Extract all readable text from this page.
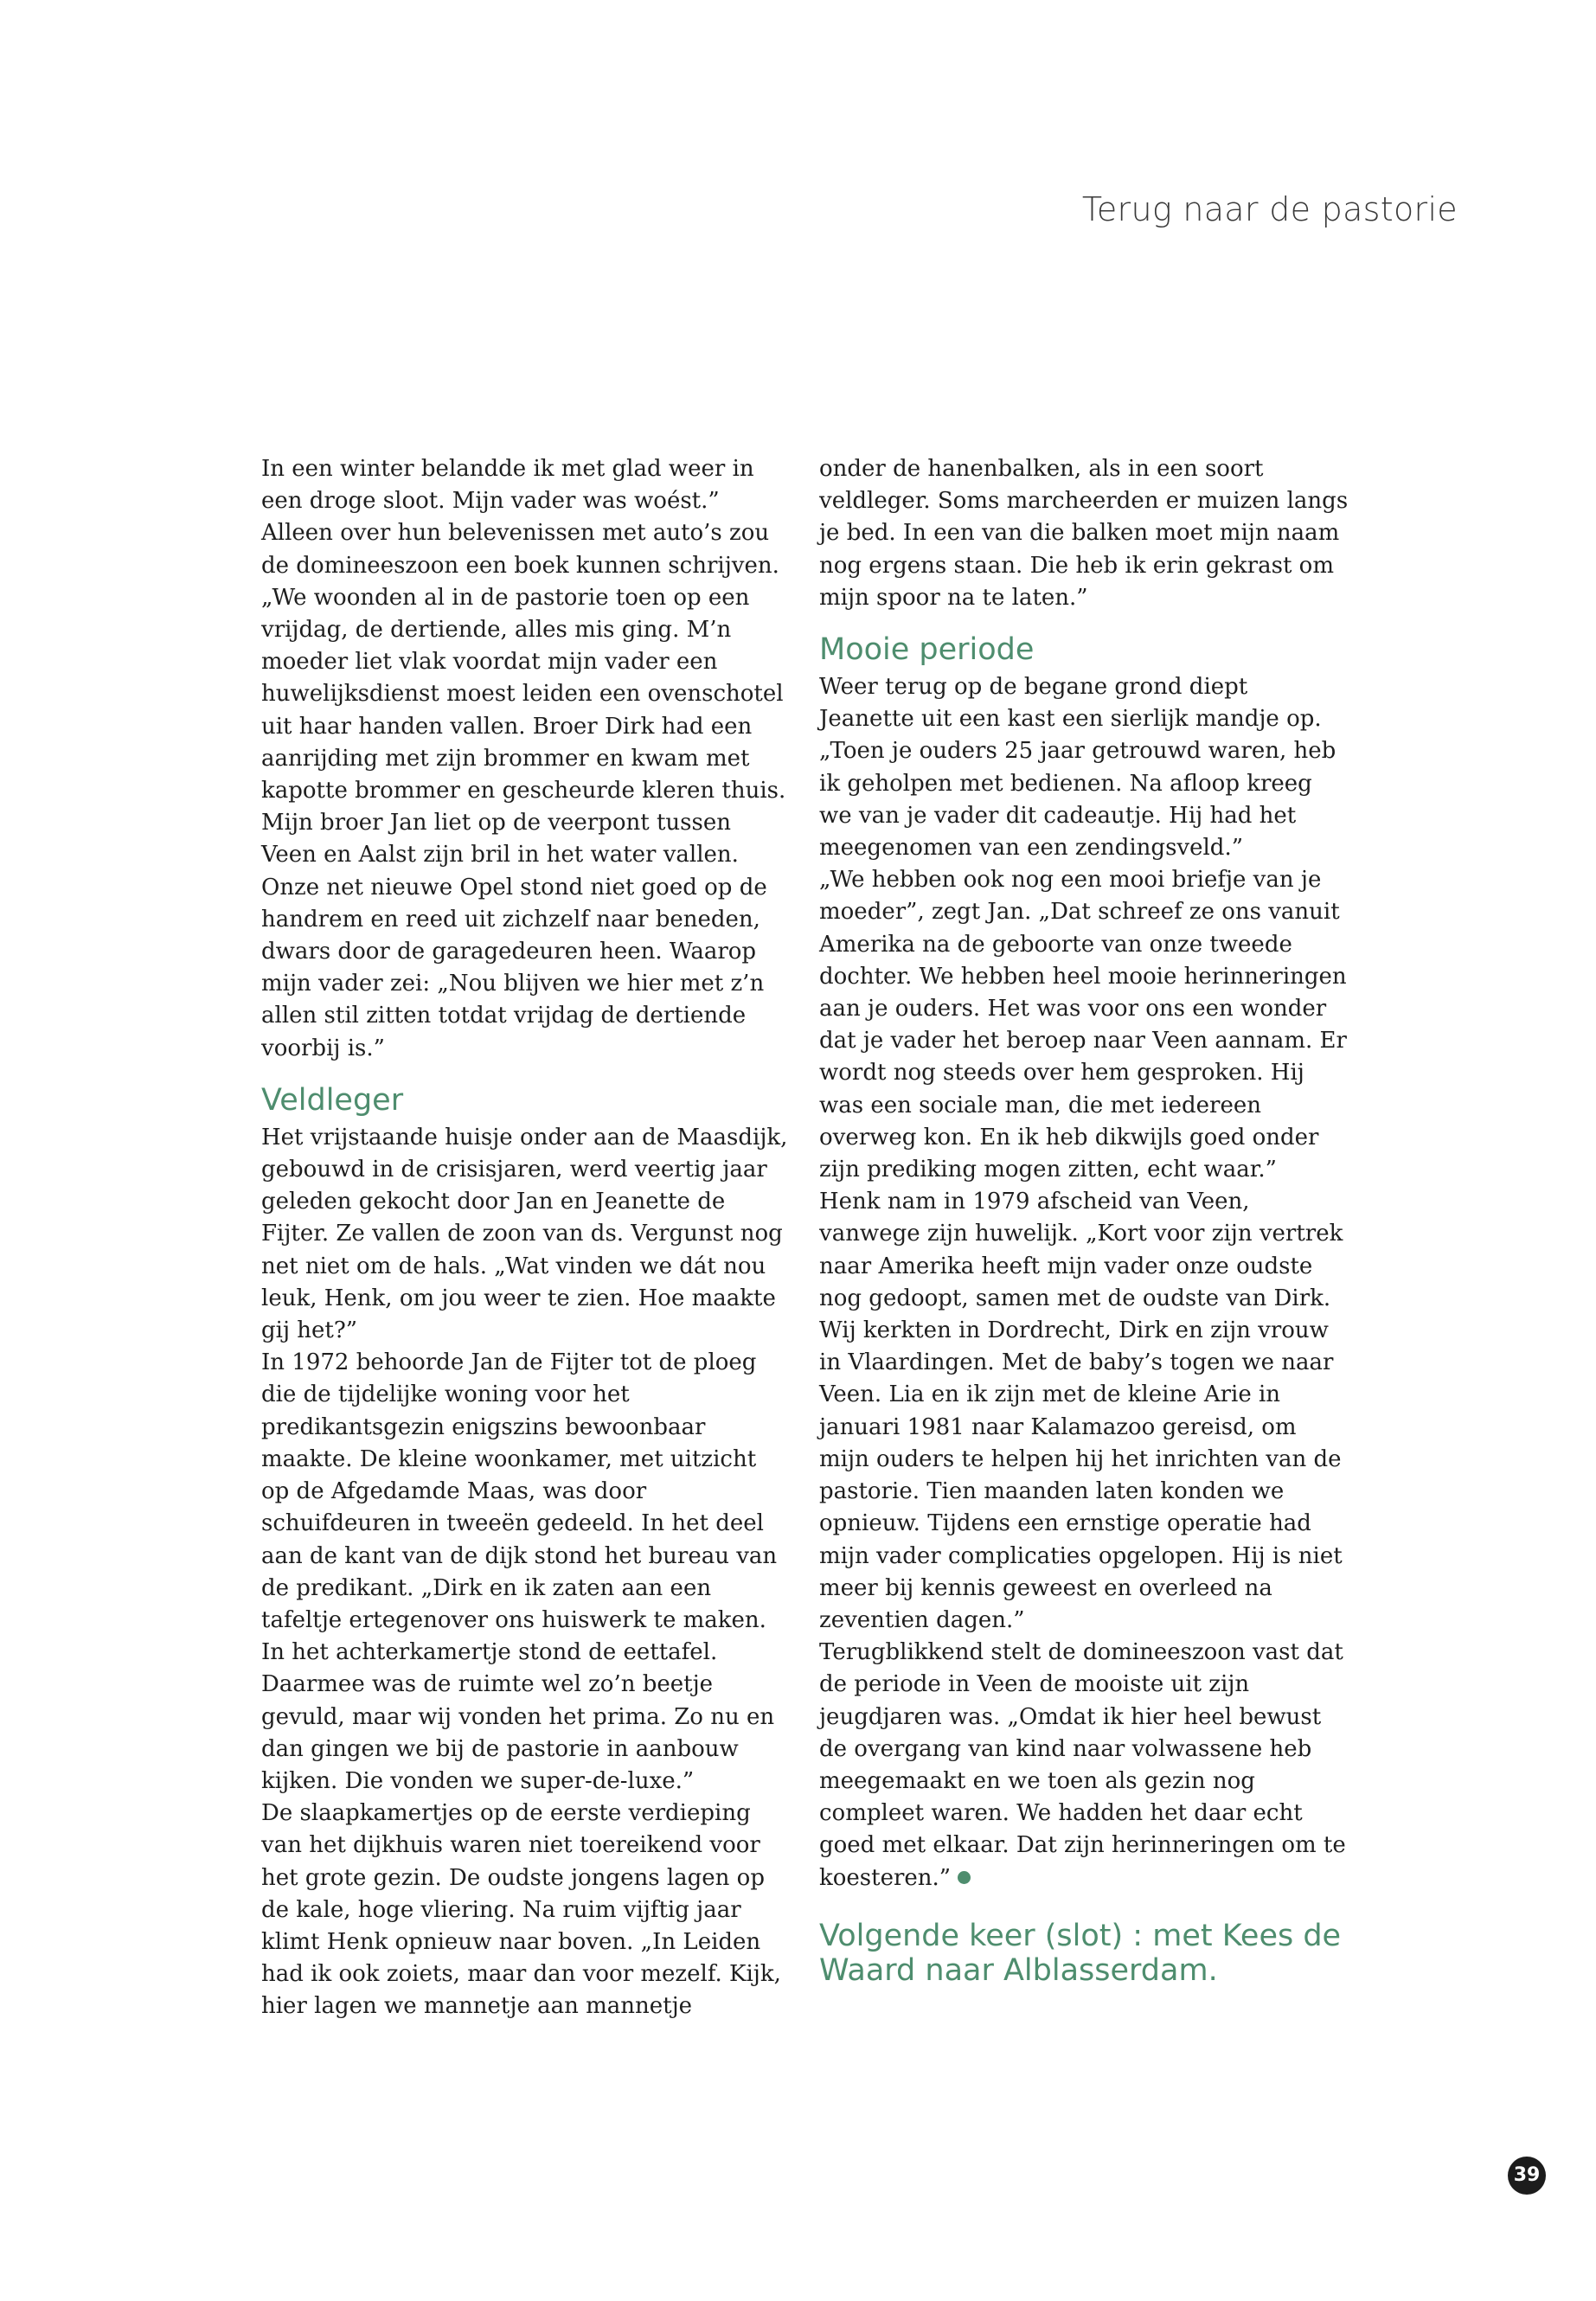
Terug naar de pastorie

In een winter belandde ik met glad weer in een droge sloot. Mijn vader was woést.” Alleen over hun belevenissen met auto’s zou de domineeszoon een boek kunnen schrijven. „We woonden al in de pastorie toen op een vrijdag, de dertiende, alles mis ging. M’n moeder liet vlak voordat mijn vader een huwelijksdienst moest leiden een ovenschotel uit haar handen vallen. Broer Dirk had een aanrijding met zijn brommer en kwam met kapotte brommer en gescheurde kleren thuis. Mijn broer Jan liet op de veerpont tussen Veen en Aalst zijn bril in het water vallen. Onze net nieuwe Opel stond niet goed op de handrem en reed uit zichzelf naar beneden, dwars door de garagedeuren heen. Waarop mijn vader zei: „Nou blijven we hier met z’n allen stil zitten totdat vrijdag de dertiende voorbij is.”

Veldleger

Het vrijstaande huisje onder aan de Maasdijk, gebouwd in de crisisjaren, werd veertig jaar geleden gekocht door Jan en Jeanette de Fijter. Ze vallen de zoon van ds. Vergunst nog net niet om de hals. „Wat vinden we dát nou leuk, Henk, om jou weer te zien. Hoe maakte gij het?”

In 1972 behoorde Jan de Fijter tot de ploeg die de tijdelijke woning voor het predikantsgezin enigszins bewoonbaar maakte. De kleine woonkamer, met uitzicht op de Afgedamde Maas, was door schuifdeuren in tweeën gedeeld. In het deel aan de kant van de dijk stond het bureau van de predikant. „Dirk en ik zaten aan een tafeltje ertegenover ons huiswerk te maken. In het achterkamertje stond de eettafel. Daarmee was de ruimte wel zo’n beetje gevuld, maar wij vonden het prima. Zo nu en dan gingen we bij de pastorie in aanbouw kijken. Die vonden we super-de-luxe.”

De slaapkamertjes op de eerste verdieping van het dijkhuis waren niet toereikend voor het grote gezin. De oudste jongens lagen op de kale, hoge vliering. Na ruim vijftig jaar klimt Henk opnieuw naar boven. „In Leiden had ik ook zoiets, maar dan voor mezelf. Kijk, hier lagen we mannetje aan mannetje

onder de hanenbalken, als in een soort veldleger. Soms marcheerden er muizen langs je bed. In een van die balken moet mijn naam nog ergens staan. Die heb ik erin gekrast om mijn spoor na te laten.”

Mooie periode

Weer terug op de begane grond diept Jeanette uit een kast een sierlijk mandje op. „Toen je ouders 25 jaar getrouwd waren, heb ik geholpen met bedienen. Na afloop kreeg we van je vader dit cadeautje. Hij had het meegenomen van een zendingsveld.”

„We hebben ook nog een mooi briefje van je moeder”, zegt Jan. „Dat schreef ze ons vanuit Amerika na de geboorte van onze tweede dochter. We hebben heel mooie herinneringen aan je ouders. Het was voor ons een wonder dat je vader het beroep naar Veen aannam. Er wordt nog steeds over hem gesproken. Hij was een sociale man, die met iedereen overweg kon. En ik heb dikwijls goed onder zijn prediking mogen zitten, echt waar.”

Henk nam in 1979 afscheid van Veen, vanwege zijn huwelijk. „Kort voor zijn vertrek naar Amerika heeft mijn vader onze oudste nog gedoopt, samen met de oudste van Dirk. Wij kerkten in Dordrecht, Dirk en zijn vrouw in Vlaardingen. Met de baby’s togen we naar Veen. Lia en ik zijn met de kleine Arie in januari 1981 naar Kalamazoo gereisd, om mijn ouders te helpen hij het inrichten van de pastorie. Tien maanden laten konden we opnieuw. Tijdens een ernstige operatie had mijn vader complicaties opgelopen. Hij is niet meer bij kennis geweest en overleed na zeventien dagen.”

Terugblikkend stelt de domineeszoon vast dat de periode in Veen de mooiste uit zijn jeugdjaren was. „Omdat ik hier heel bewust de overgang van kind naar volwassene heb meegemaakt en we toen als gezin nog compleet waren. We hadden het daar echt goed met elkaar. Dat zijn herinneringen om te koesteren.”

Volgende keer (slot) : met Kees de Waard naar Alblasserdam.
39
